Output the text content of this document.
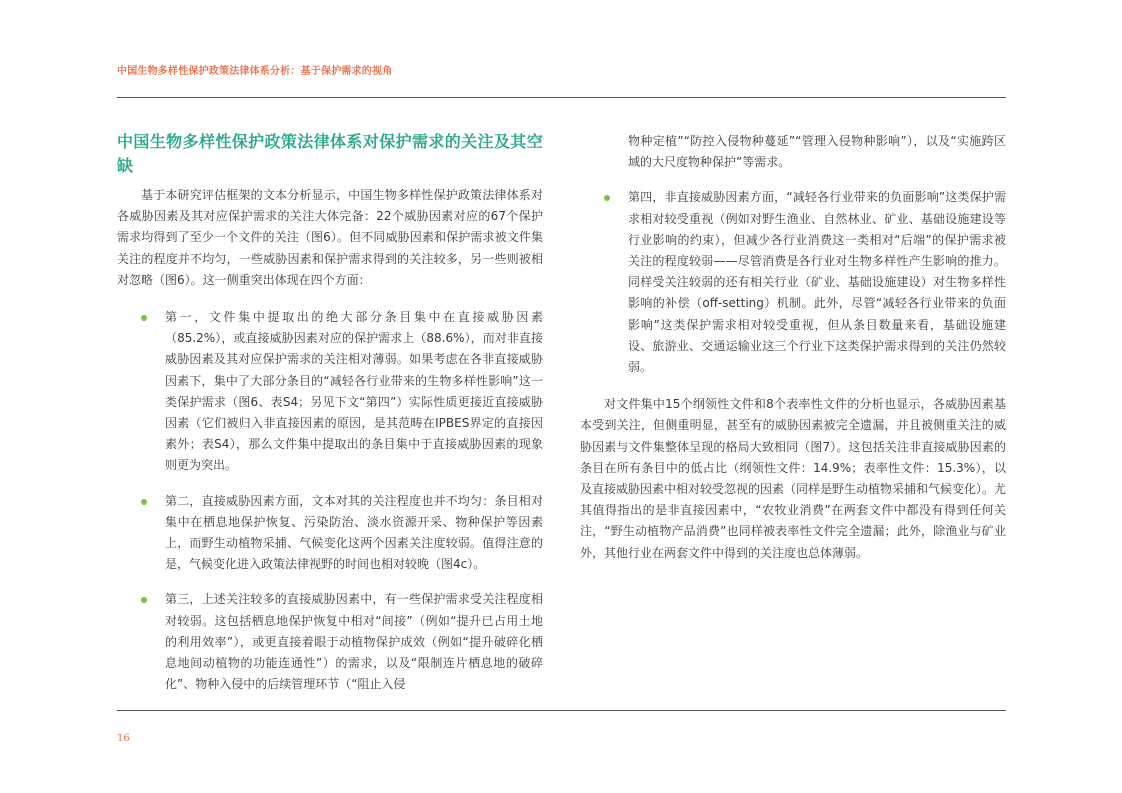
中国生物多样性保护政策法律体系分析：基于保护需求的视角
中国生物多样性保护政策法律体系对保护需求的关注及其空缺

基于本研究评估框架的文本分析显示，中国生物多样性保护政策法律体系对各威胁因素及其对应保护需求的关注大体完备：22个威胁因素对应的67个保护需求均得到了至少一个文件的关注（图6）。但不同威胁因素和保护需求被文件集关注的程度并不均匀，一些威胁因素和保护需求得到的关注较多，另一些则被相对忽略（图6）。这一侧重突出体现在四个方面：

第一，文件集中提取出的绝大部分条目集中在直接威胁因素（85.2%），或直接威胁因素对应的保护需求上（88.6%），而对非直接威胁因素及其对应保护需求的关注相对薄弱。如果考虑在各非直接威胁因素下，集中了大部分条目的“减轻各行业带来的生物多样性影响”这一类保护需求（图6、表S4；另见下文“第四”）实际性质更接近直接威胁因素（它们被归入非直接因素的原因，是其范畴在IPBES界定的直接因素外；表S4），那么文件集中提取出的条目集中于直接威胁因素的现象则更为突出。
第二，直接威胁因素方面，文本对其的关注程度也并不均匀：条目相对集中在栖息地保护恢复、污染防治、淡水资源开采、物种保护等因素上，而野生动植物采捕、气候变化这两个因素关注度较弱。值得注意的是，气候变化进入政策法律视野的时间也相对较晚（图4c）。
第三，上述关注较多的直接威胁因素中，有一些保护需求受关注程度相对较弱。这包括栖息地保护恢复中相对“间接”（例如“提升已占用土地的利用效率”），或更直接着眼于动植物保护成效（例如“提升破碎化栖息地间动植物的功能连通性”）的需求，以及“限制连片栖息地的破碎化”、物种入侵中的后续管理环节（“阻止入侵

物种定植”“防控入侵物种蔓延”“管理入侵物种影响”），以及“实施跨区域的大尺度物种保护”等需求。

第四，非直接威胁因素方面，“减轻各行业带来的负面影响”这类保护需求相对较受重视（例如对野生渔业、自然林业、矿业、基础设施建设等行业影响的约束），但减少各行业消费这一类相对“后端”的保护需求被关注的程度较弱——尽管消费是各行业对生物多样性产生影响的推力。同样受关注较弱的还有相关行业（矿业、基础设施建设）对生物多样性影响的补偿（off-setting）机制。此外，尽管“减轻各行业带来的负面影响”这类保护需求相对较受重视，但从条目数量来看，基础设施建设、旅游业、交通运输业这三个行业下这类保护需求得到的关注仍然较弱。

对文件集中15个纲领性文件和8个表率性文件的分析也显示，各威胁因素基本受到关注，但侧重明显，甚至有的威胁因素被完全遗漏，并且被侧重关注的威胁因素与文件集整体呈现的格局大致相同（图7）。这包括关注非直接威胁因素的条目在所有条目中的低占比（纲领性文件：14.9%；表率性文件：15.3%），以及直接威胁因素中相对较受忽视的因素（同样是野生动植物采捕和气候变化）。尤其值得指出的是非直接因素中，“农牧业消费”在两套文件中都没有得到任何关注，“野生动植物产品消费”也同样被表率性文件完全遗漏；此外，除渔业与矿业外，其他行业在两套文件中得到的关注度也总体薄弱。

16
